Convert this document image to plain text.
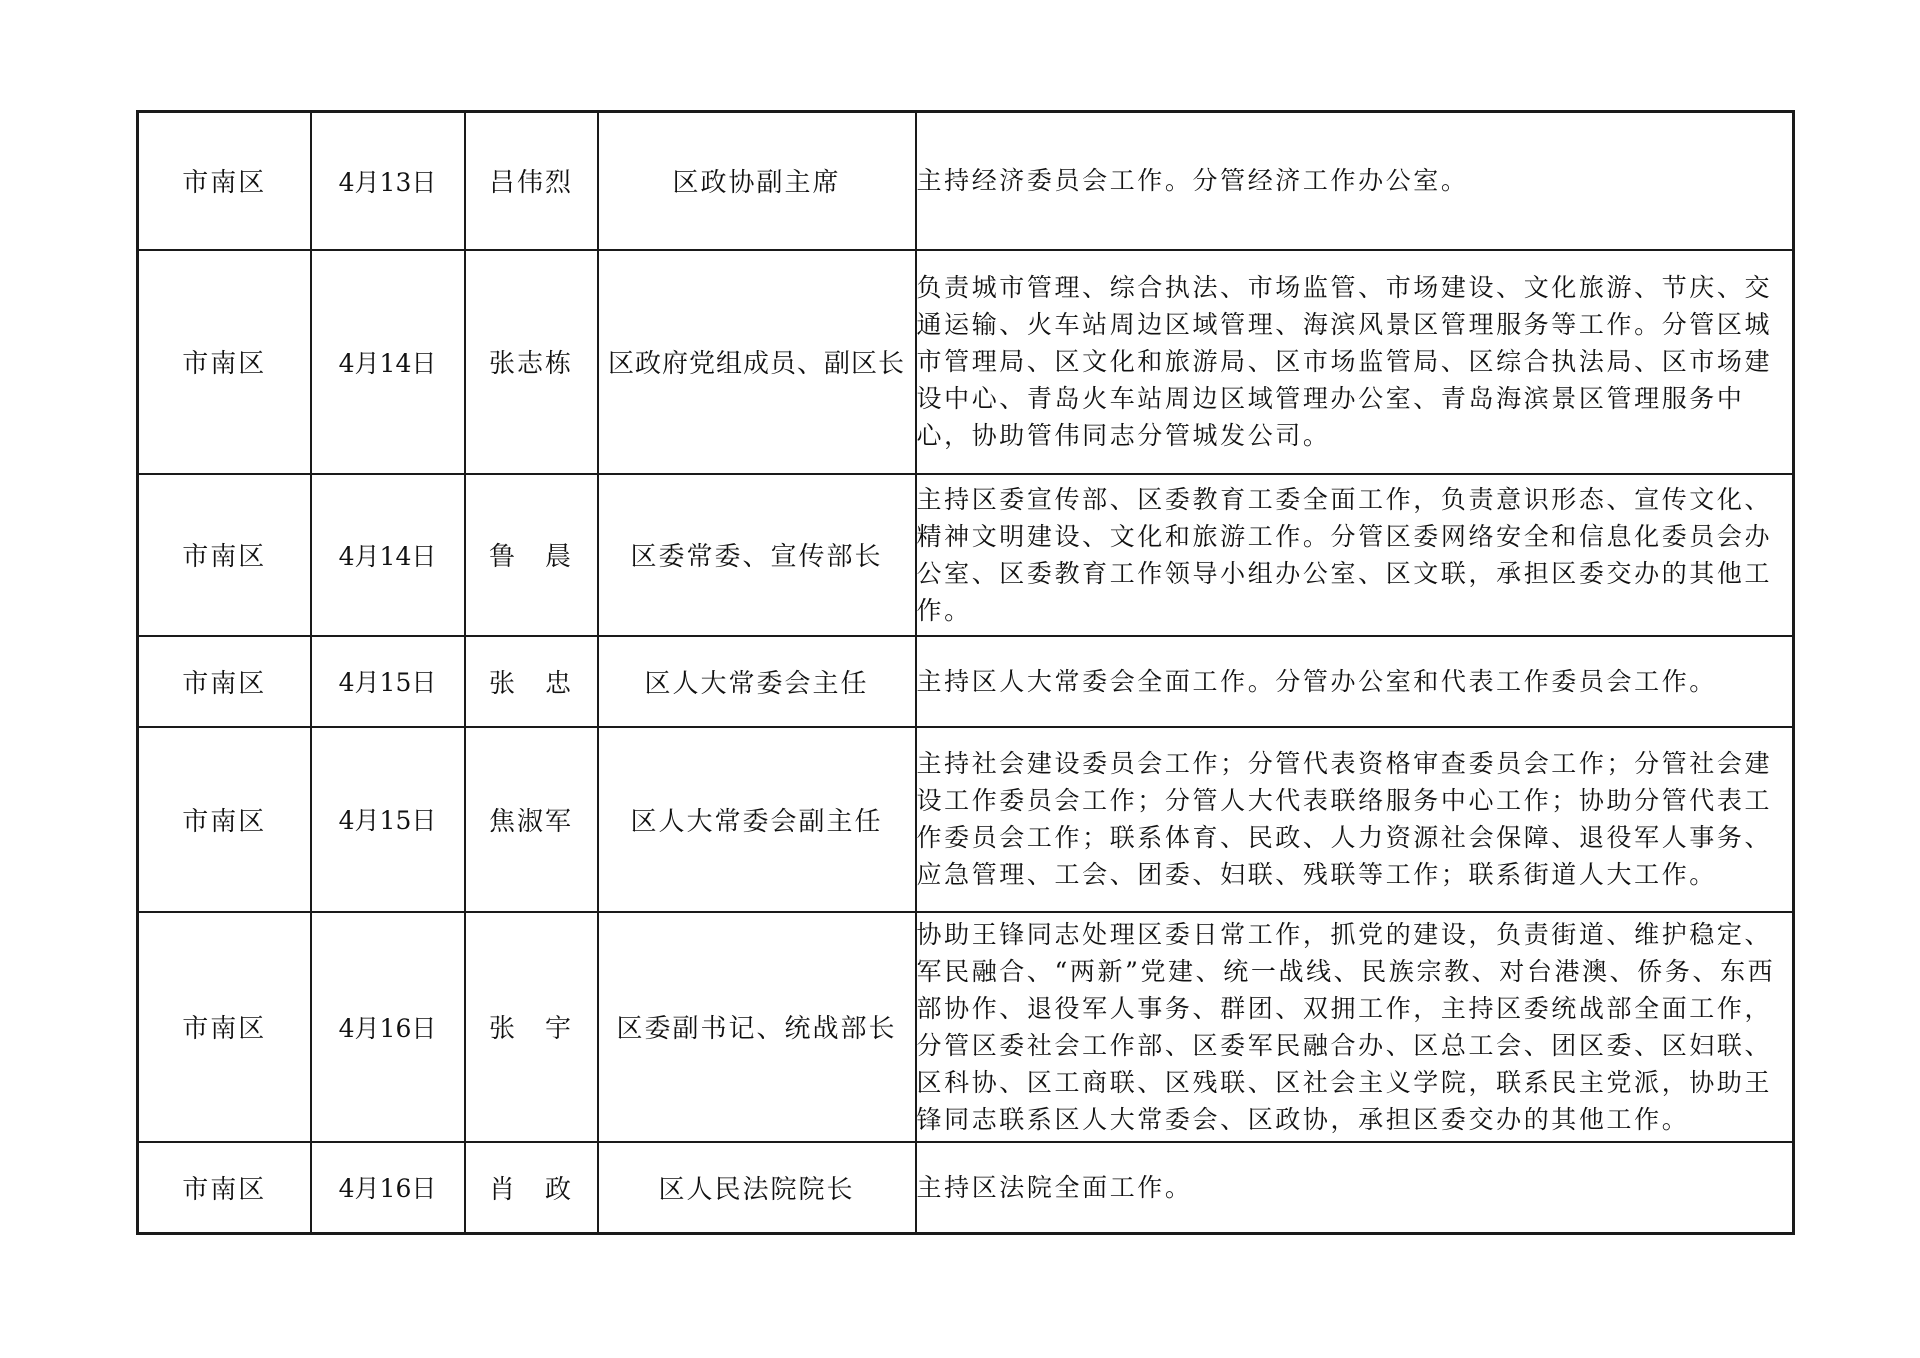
市南区	4月13日	吕伟烈	区政协副主席	主持经济委员会工作。分管经济工作办公室。
市南区	4月14日	张志栋	区政府党组成员、副区长	负责城市管理、综合执法、市场监管、市场建设、文化旅游、节庆、交通运输、火车站周边区域管理、海滨风景区管理服务等工作。分管区城市管理局、区文化和旅游局、区市场监管局、区综合执法局、区市场建设中心、青岛火车站周边区域管理办公室、青岛海滨景区管理服务中心，协助管伟同志分管城发公司。
市南区	4月14日	鲁　晨	区委常委、宣传部长	主持区委宣传部、区委教育工委全面工作，负责意识形态、宣传文化、精神文明建设、文化和旅游工作。分管区委网络安全和信息化委员会办公室、区委教育工作领导小组办公室、区文联，承担区委交办的其他工作。
市南区	4月15日	张　忠	区人大常委会主任	主持区人大常委会全面工作。分管办公室和代表工作委员会工作。
市南区	4月15日	焦淑军	区人大常委会副主任	主持社会建设委员会工作；分管代表资格审查委员会工作；分管社会建设工作委员会工作；分管人大代表联络服务中心工作；协助分管代表工作委员会工作；联系体育、民政、人力资源社会保障、退役军人事务、应急管理、工会、团委、妇联、残联等工作；联系街道人大工作。
市南区	4月16日	张　宇	区委副书记、统战部长	协助王锋同志处理区委日常工作，抓党的建设，负责街道、维护稳定、军民融合、“两新”党建、统一战线、民族宗教、对台港澳、侨务、东西部协作、退役军人事务、群团、双拥工作，主持区委统战部全面工作，分管区委社会工作部、区委军民融合办、区总工会、团区委、区妇联、区科协、区工商联、区残联、区社会主义学院，联系民主党派，协助王锋同志联系区人大常委会、区政协，承担区委交办的其他工作。
市南区	4月16日	肖　政	区人民法院院长	主持区法院全面工作。
